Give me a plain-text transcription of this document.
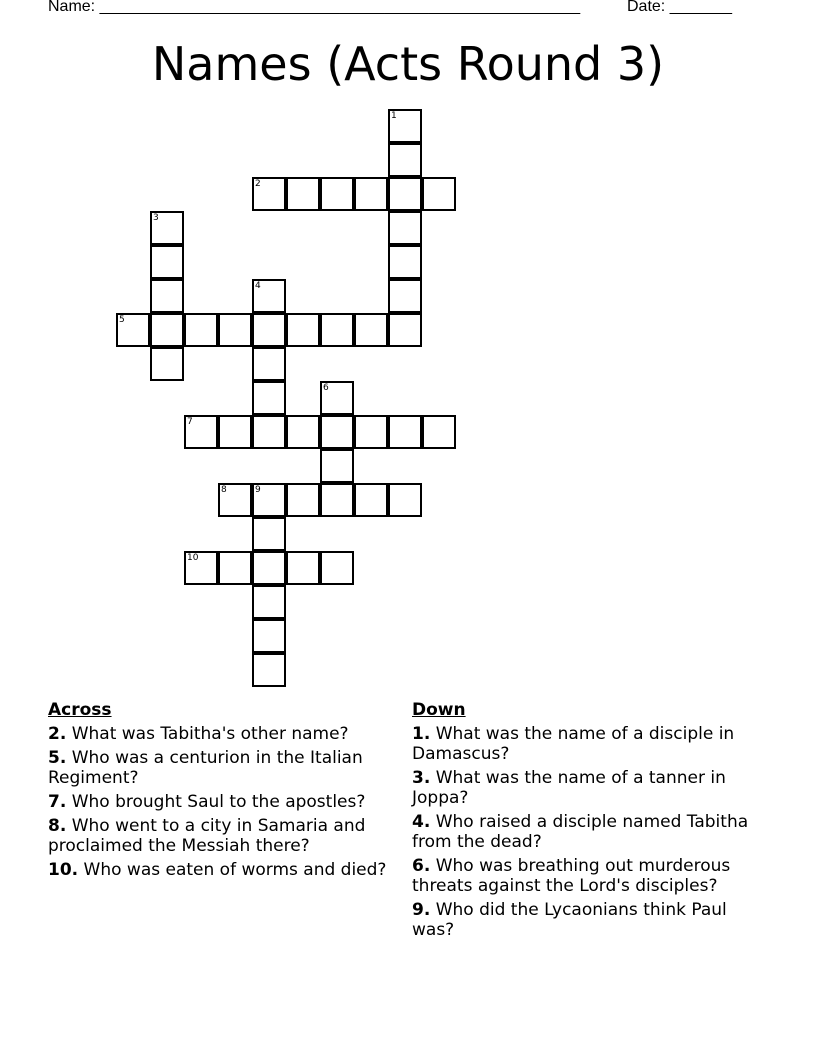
Name: ______________________________________________________	Date: _______
Names (Acts Round 3)
1
2
3
4
5
6
7
8	9
10
Across
2. What was Tabitha's other name?
5. Who was a centurion in the Italian Regiment?
7. Who brought Saul to the apostles?
8. Who went to a city in Samaria and proclaimed the Messiah there?
10. Who was eaten of worms and died?
Down
1. What was the name of a disciple in Damascus?
3. What was the name of a tanner in Joppa?
4. Who raised a disciple named Tabitha from the dead?
6. Who was breathing out murderous threats against the Lord's disciples?
9. Who did the Lycaonians think Paul was?
